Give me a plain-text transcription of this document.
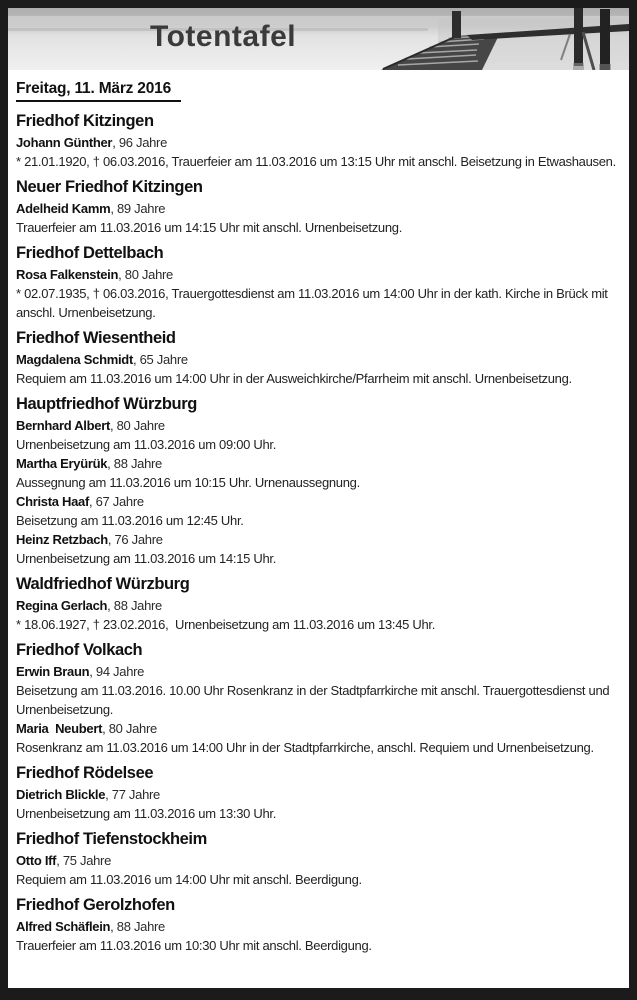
Totentafel
Freitag, 11. März 2016
Friedhof Kitzingen
Johann Günther, 96 Jahre
* 21.01.1920, † 06.03.2016, Trauerfeier am 11.03.2016 um 13:15 Uhr mit anschl. Beisetzung in Etwashausen.
Neuer Friedhof Kitzingen
Adelheid Kamm, 89 Jahre
Trauerfeier am 11.03.2016 um 14:15 Uhr mit anschl. Urnenbeisetzung.
Friedhof Dettelbach
Rosa Falkenstein, 80 Jahre
* 02.07.1935, † 06.03.2016, Trauergottesdienst am 11.03.2016 um 14:00 Uhr in der kath. Kirche in Brück mit anschl. Urnenbeisetzung.
Friedhof Wiesentheid
Magdalena Schmidt, 65 Jahre
Requiem am 11.03.2016 um 14:00 Uhr in der Ausweichkirche/Pfarrheim mit anschl. Urnenbeisetzung.
Hauptfriedhof Würzburg
Bernhard Albert, 80 Jahre
Urnenbeisetzung am 11.03.2016 um 09:00 Uhr.
Martha Eryürük, 88 Jahre
Aussegnung am 11.03.2016 um 10:15 Uhr. Urnenaussegnung.
Christa Haaf, 67 Jahre
Beisetzung am 11.03.2016 um 12:45 Uhr.
Heinz Retzbach, 76 Jahre
Urnenbeisetzung am 11.03.2016 um 14:15 Uhr.
Waldfriedhof Würzburg
Regina Gerlach, 88 Jahre
* 18.06.1927, † 23.02.2016,  Urnenbeisetzung am 11.03.2016 um 13:45 Uhr.
Friedhof Volkach
Erwin Braun, 94 Jahre
Beisetzung am 11.03.2016. 10.00 Uhr Rosenkranz in der Stadtpfarrkirche mit anschl. Trauergottesdienst und Urnenbeisetzung.
Maria  Neubert, 80 Jahre
Rosenkranz am 11.03.2016 um 14:00 Uhr in der Stadtpfarrkirche, anschl. Requiem und Urnenbeisetzung.
Friedhof Rödelsee
Dietrich Blickle, 77 Jahre
Urnenbeisetzung am 11.03.2016 um 13:30 Uhr.
Friedhof Tiefenstockheim
Otto Iff, 75 Jahre
Requiem am 11.03.2016 um 14:00 Uhr mit anschl. Beerdigung.
Friedhof Gerolzhofen
Alfred Schäflein, 88 Jahre
Trauerfeier am 11.03.2016 um 10:30 Uhr mit anschl. Beerdigung.
